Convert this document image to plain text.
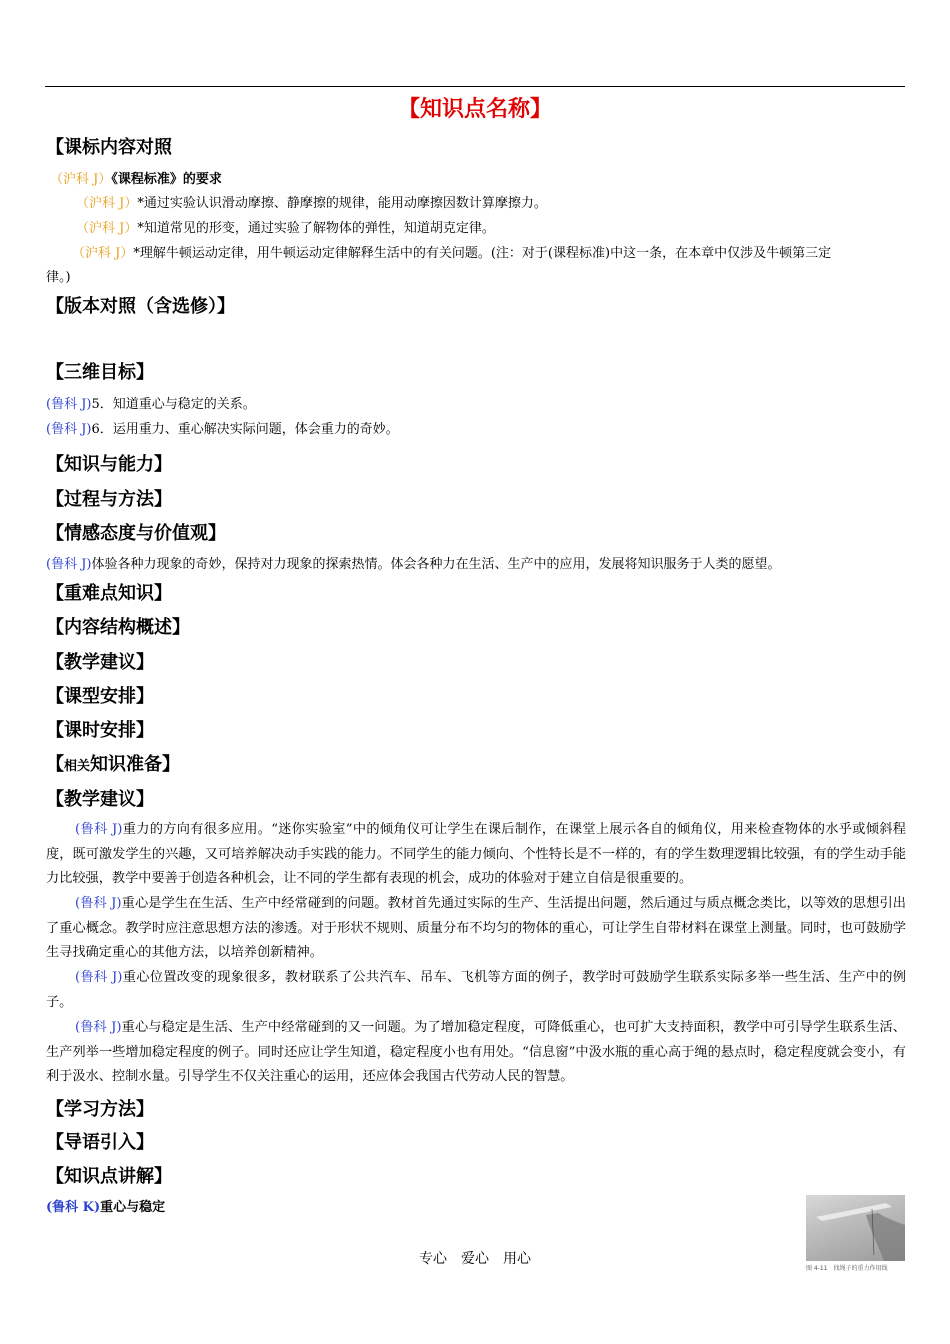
【知识点名称】
【课标内容对照
（沪科 J）《课程标准》的要求
（沪科 J）*通过实验认识滑动摩擦、静摩擦的规律，能用动摩擦因数计算摩擦力。
（沪科 J）*知道常见的形变，通过实验了解物体的弹性，知道胡克定律。
（沪科 J）*理解牛顿运动定律，用牛顿运动定律解释生活中的有关问题。(注：对于(课程标准)中这一条，在本章中仅涉及牛顿第三定
律。)
【版本对照（含选修）】
【三维目标】
(鲁科 J)5．知道重心与稳定的关系。
(鲁科 J)6．运用重力、重心解决实际问题，体会重力的奇妙。
【知识与能力】
【过程与方法】
【情感态度与价值观】
(鲁科 J)体验各种力现象的奇妙，保持对力现象的探索热情。体会各种力在生活、生产中的应用，发展将知识服务于人类的愿望。
【重难点知识】
【内容结构概述】
【教学建议】
【课型安排】
【课时安排】
【相关知识准备】
【教学建议】
(鲁科 J)重力的方向有很多应用。“迷你实验室”中的倾角仪可让学生在课后制作，在课堂上展示各自的倾角仪，用来检查物体的水乎或倾斜程度，既可激发学生的兴趣，又可培养解决动手实践的能力。不同学生的能力倾向、个性特长是不一样的，有的学生数理逻辑比较强，有的学生动手能力比较强，教学中要善于创造各种机会，让不同的学生都有表现的机会，成功的体验对于建立自信是很重要的。
(鲁科 J)重心是学生在生活、生产中经常碰到的问题。教材首先通过实际的生产、生活提出问题，然后通过与质点概念类比，以等效的思想引出了重心概念。教学时应注意思想方法的渗透。对于形状不规则、质量分布不均匀的物体的重心，可让学生自带材料在课堂上测量。同时，也可鼓励学生寻找确定重心的其他方法，以培养创新精神。
(鲁科 J)重心位置改变的现象很多，教材联系了公共汽车、吊车、飞机等方面的例子，教学时可鼓励学生联系实际多举一些生活、生产中的例子。
(鲁科 J)重心与稳定是生活、生产中经常碰到的又一问题。为了增加稳定程度，可降低重心，也可扩大支持面积，教学中可引导学生联系生活、生产列举一些增加稳定程度的例子。同时还应让学生知道，稳定程度小也有用处。“信息窗”中汲水瓶的重心高于绳的悬点时，稳定程度就会变小，有利于汲水、控制水量。引导学生不仅关注重心的运用，还应体会我国古代劳动人民的智慧。
【学习方法】
【导语引入】
【知识点讲解】
(鲁科 K)重心与稳定
图 4-11　找绳子的重力作用线
专心　爱心　用心
